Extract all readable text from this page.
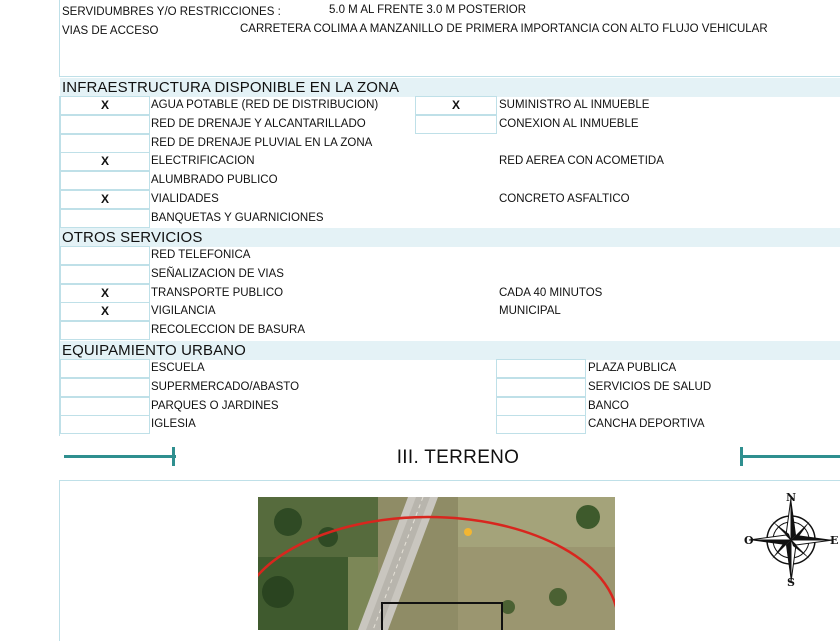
SERVIDUMBRES Y/O RESTRICCIONES :	5.0 M AL FRENTE 3.0 M POSTERIOR
VIAS DE ACCESO	CARRETERA COLIMA A MANZANILLO DE PRIMERA IMPORTANCIA CON ALTO FLUJO VEHICULAR
INFRAESTRUCTURA DISPONIBLE EN LA ZONA
X	AGUA POTABLE (RED DE DISTRIBUCION)	X	SUMINISTRO AL INMUEBLE
RED DE DRENAJE Y ALCANTARILLADO	CONEXION AL INMUEBLE
RED DE DRENAJE PLUVIAL EN LA ZONA
X	ELECTRIFICACION	RED AEREA CON ACOMETIDA
ALUMBRADO PUBLICO
X	VIALIDADES	CONCRETO ASFALTICO
BANQUETAS Y GUARNICIONES
OTROS SERVICIOS
RED TELEFONICA
SEÑALIZACION DE VIAS
X	TRANSPORTE PUBLICO	CADA 40 MINUTOS
X	VIGILANCIA	MUNICIPAL
RECOLECCION DE BASURA
EQUIPAMIENTO URBANO
ESCUELA	PLAZA PUBLICA
SUPERMERCADO/ABASTO	SERVICIOS DE SALUD
PARQUES O JARDINES	BANCO
IGLESIA	CANCHA DEPORTIVA
III. TERRENO
N
S
O	E
